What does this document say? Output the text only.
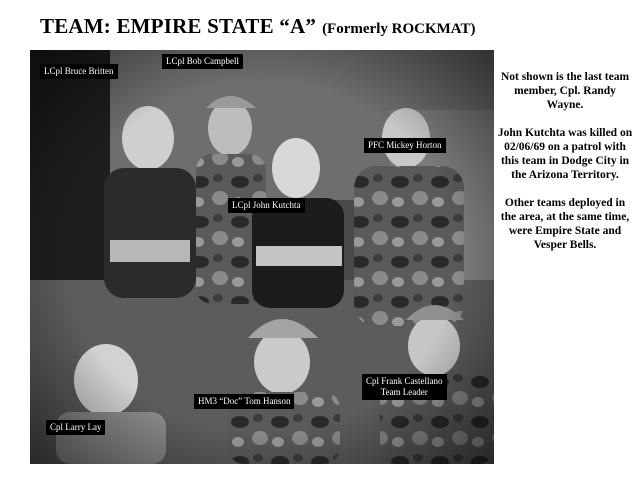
TEAM: EMPIRE STATE “A” (Formerly ROCKMAT)
LCpl Bruce Britten
LCpl Bob Campbell
PFC Mickey Horton
LCpl John Kutchta
Cpl Frank Castellano
Team Leader
HM3 “Doc” Tom Hanson
Cpl Larry Lay

Not shown is the last team member, Cpl. Randy Wayne.

John Kutchta was killed on 02/06/69 on a patrol with this team in Dodge City in the Arizona Territory.

Other teams deployed in the area, at the same time, were Empire State and Vesper Bells.
